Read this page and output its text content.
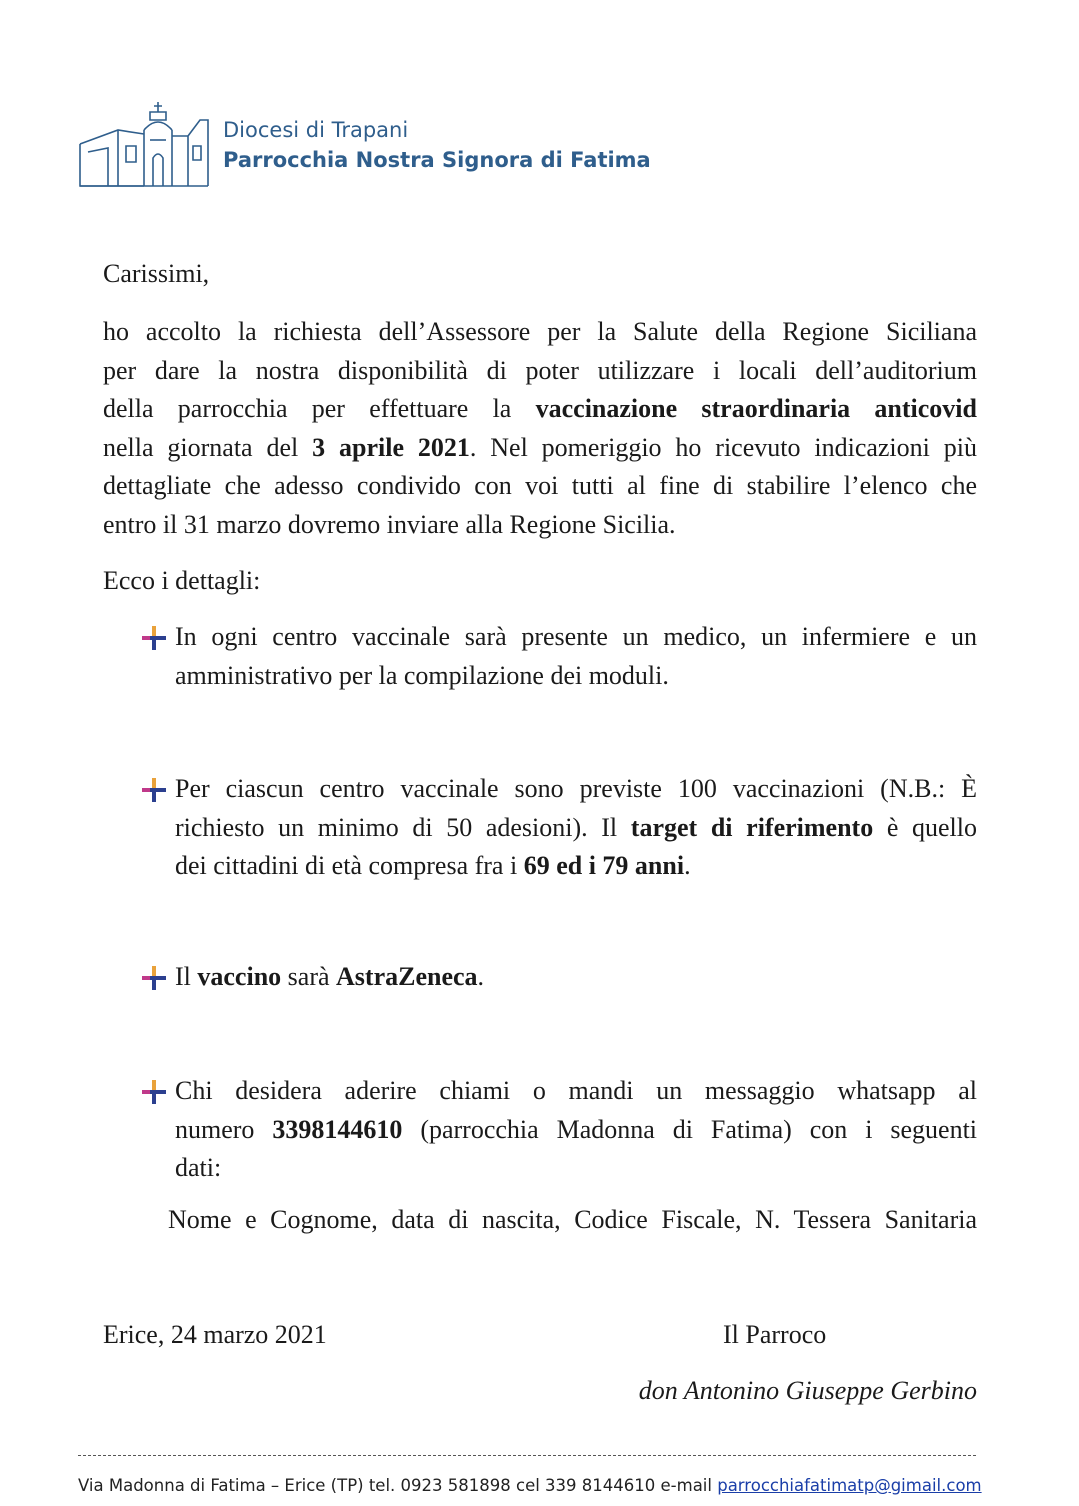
Diocesi di Trapani
Parrocchia Nostra Signora di Fatima
Carissimi,
ho accolto la richiesta dell’Assessore per la Salute della Regione Siciliana
per dare la nostra disponibilità di poter utilizzare i locali dell’auditorium
della parrocchia per effettuare la vaccinazione straordinaria anticovid
nella giornata del 3 aprile 2021. Nel pomeriggio ho ricevuto indicazioni più
dettagliate che adesso condivido con voi tutti al fine di stabilire l’elenco che
entro il 31 marzo dovremo inviare alla Regione Sicilia.
Ecco i dettagli:
In ogni centro vaccinale sarà presente un medico, un infermiere e un
amministrativo per la compilazione dei moduli.
Per ciascun centro vaccinale sono previste 100 vaccinazioni (N.B.: È
richiesto un minimo di 50 adesioni). Il target di riferimento è quello
dei cittadini di età compresa fra i 69 ed i 79 anni.
Il vaccino sarà AstraZeneca.
Chi desidera aderire chiami o mandi un messaggio whatsapp al
numero 3398144610 (parrocchia Madonna di Fatima) con i seguenti
dati:
Nome e Cognome, data di nascita, Codice Fiscale, N. Tessera Sanitaria
Erice, 24 marzo 2021	Il Parroco
don Antonino Giuseppe Gerbino
Via Madonna di Fatima – Erice (TP) tel. 0923 581898 cel 339 8144610 e-mail parrocchiafatimatp@gimail.com
